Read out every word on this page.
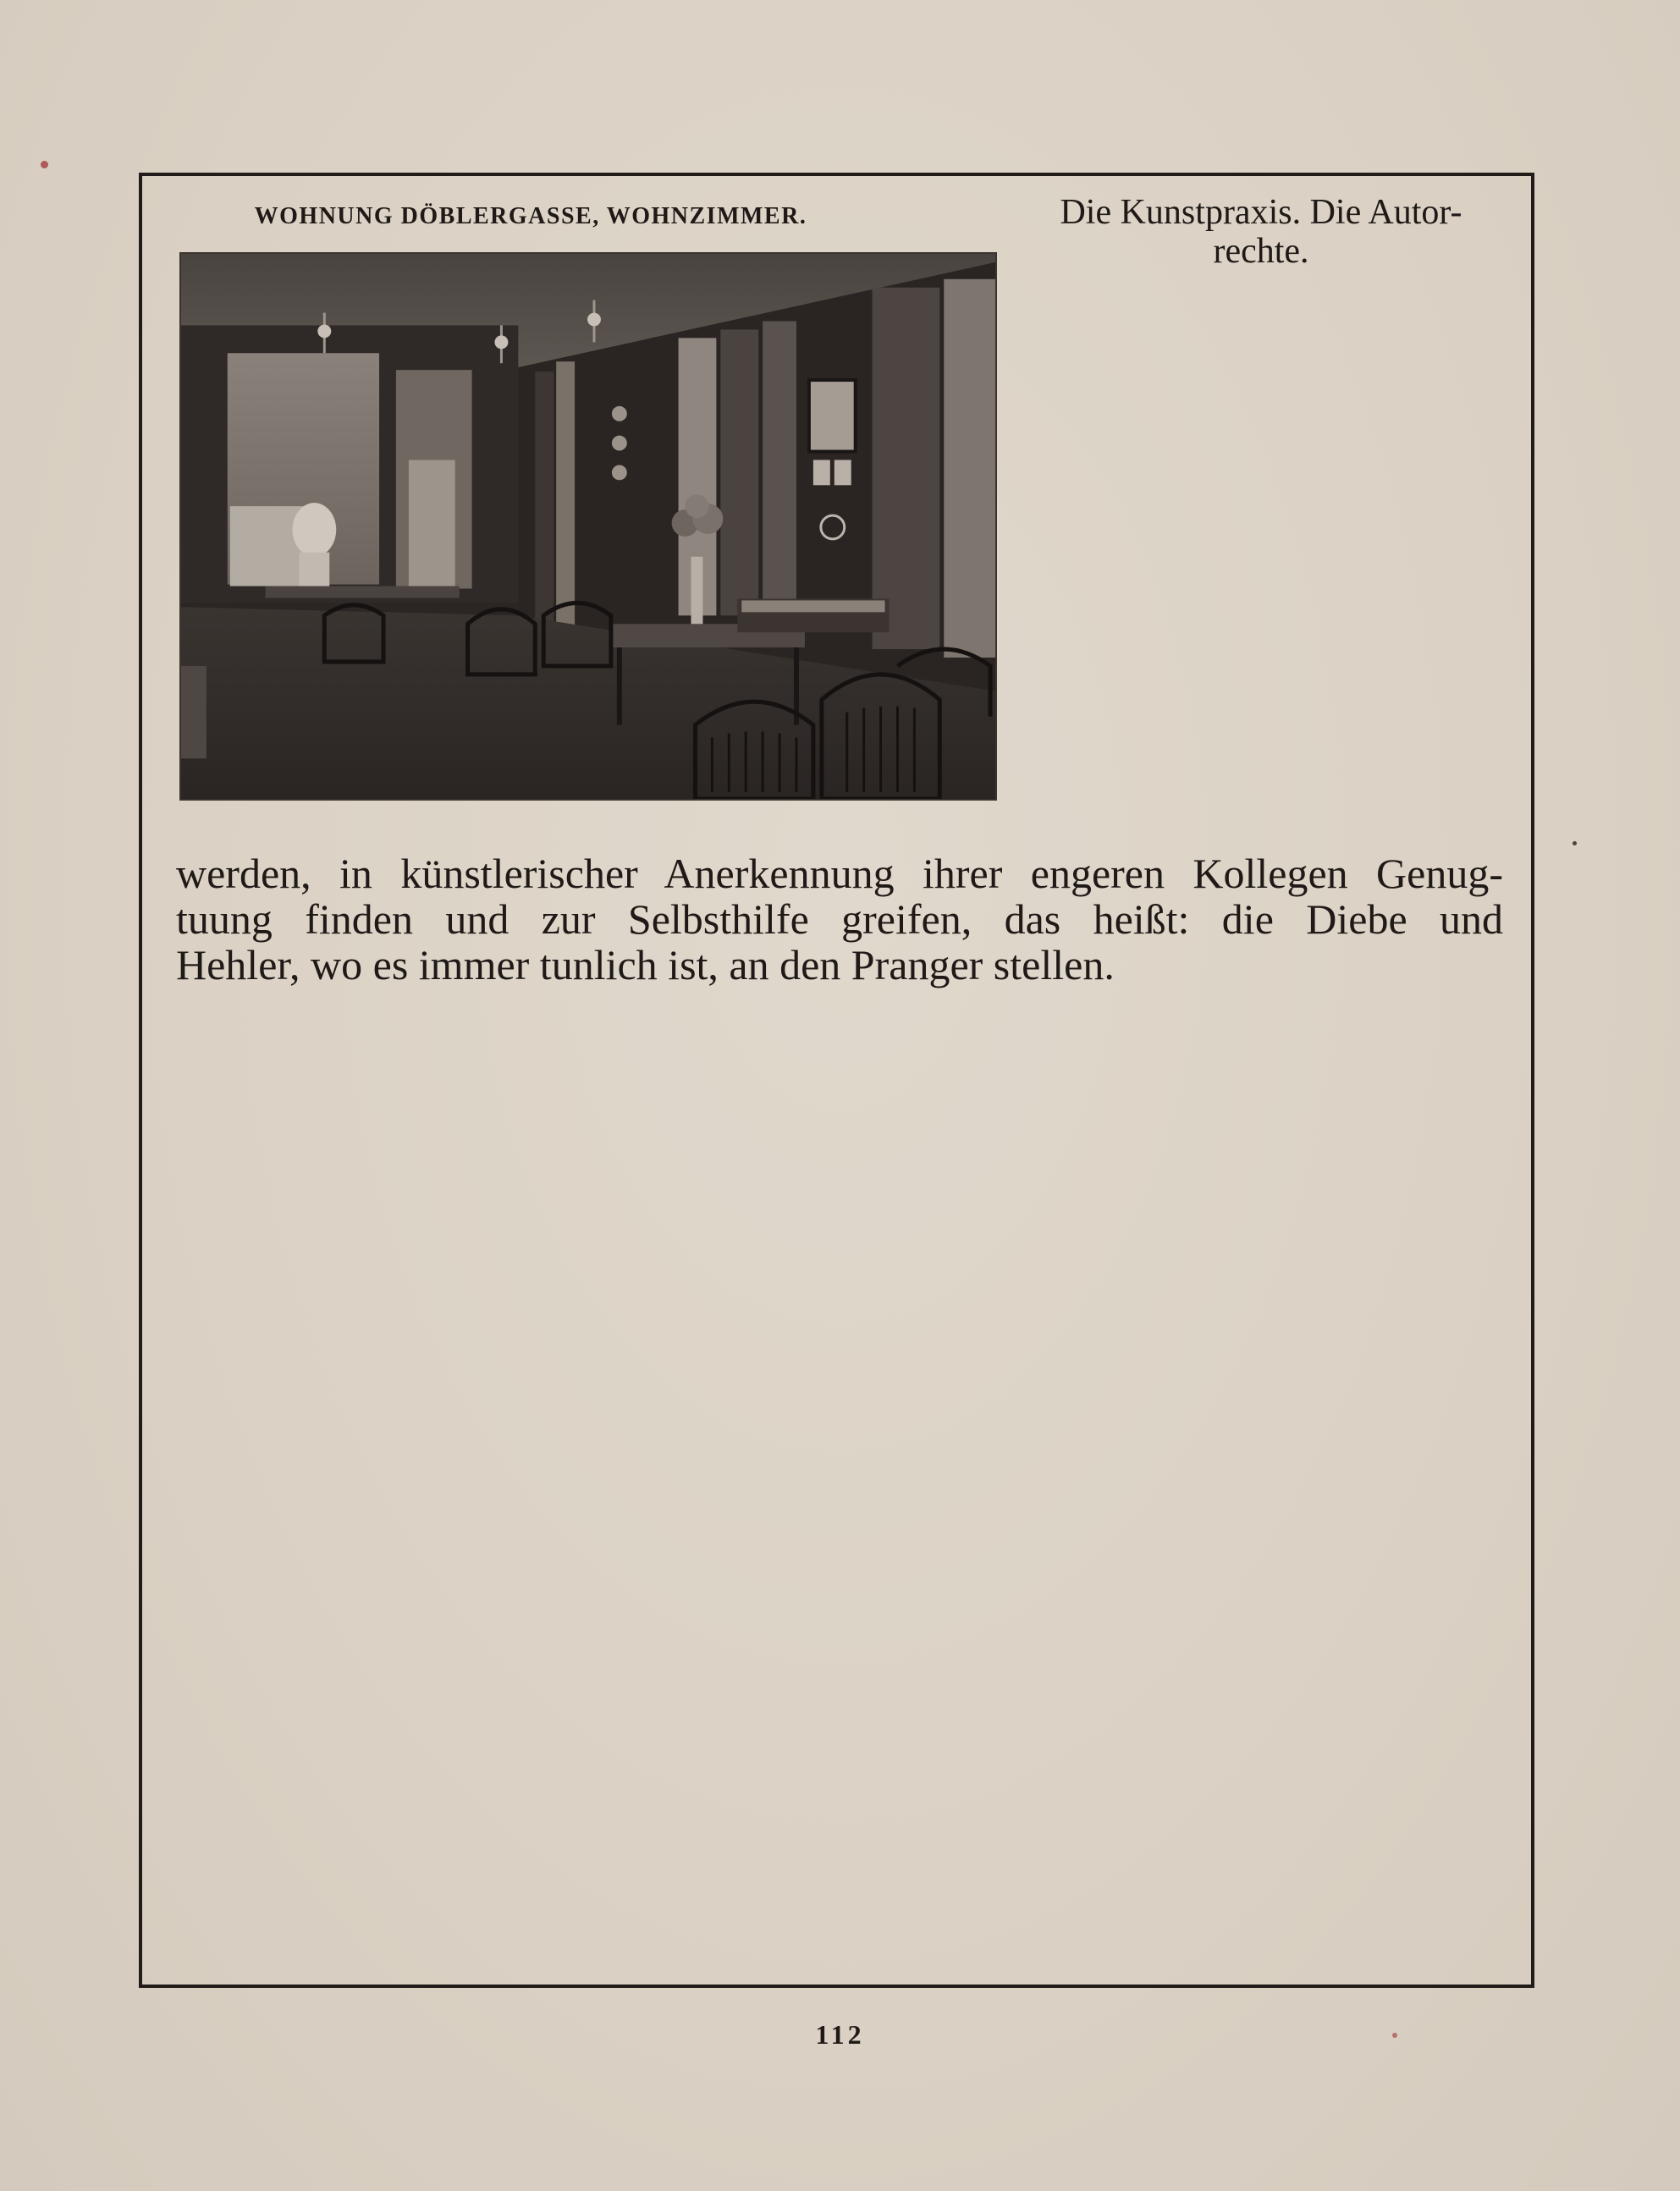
WOHNUNG DÖBLERGASSE, WOHNZIMMER.	Die Kunstpraxis. Die Autor-
rechte.
werden, in künstlerischer Anerkennung ihrer engeren Kollegen Genug-
tuung finden und zur Selbsthilfe greifen, das heißt: die Diebe und
Hehler, wo es immer tunlich ist, an den Pranger stellen.
112
